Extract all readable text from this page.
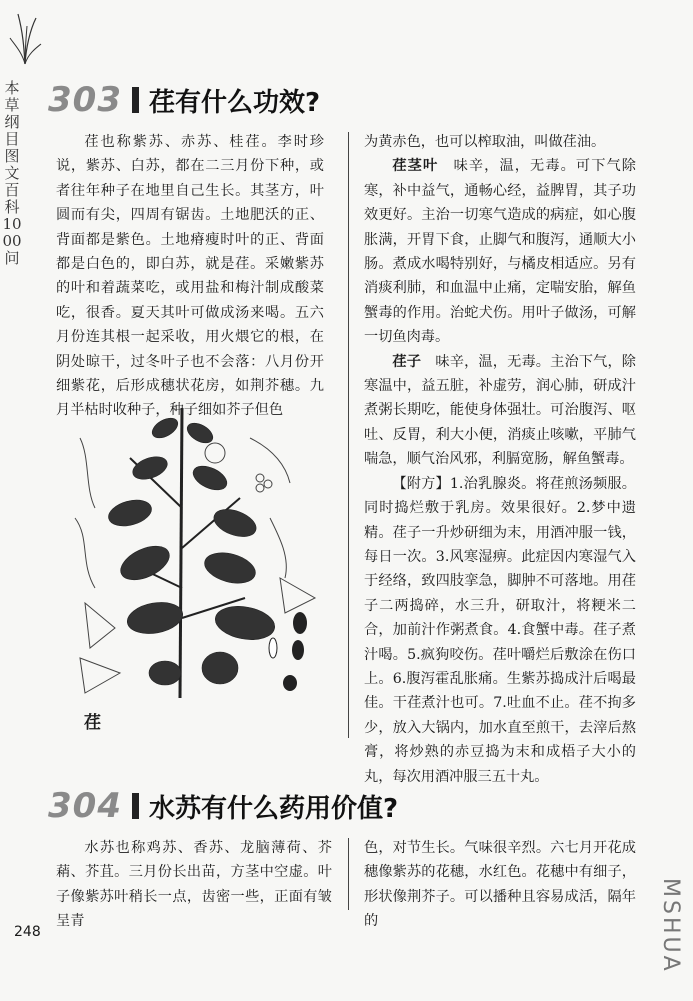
本草纲目图文百科1000问
303 荏有什么功效?

荏也称紫苏、赤苏、桂荏。李时珍说，紫苏、白苏，都在二三月份下种，或者往年种子在地里自己生长。其茎方，叶圆而有尖，四周有锯齿。土地肥沃的正、背面都是紫色。土地瘠瘦时叶的正、背面都是白色的，即白苏，就是荏。采嫩紫苏的叶和着蔬菜吃，或用盐和梅汁制成酸菜吃，很香。夏天其叶可做成汤来喝。五六月份连其根一起采收，用火煨它的根，在阴处晾干，过冬叶子也不会落：八月份开细紫花，后形成穗状花房，如荆芥穗。九月半枯时收种子，种子细如芥子但色

荏

为黄赤色，也可以榨取油，叫做荏油。

荏茎叶　 味辛，温，无毒。可下气除寒，补中益气，通畅心经，益脾胃，其子功效更好。主治一切寒气造成的病症，如心腹胀满，开胃下食，止脚气和腹泻，通顺大小肠。煮成水喝特别好，与橘皮相适应。另有消痰利肺，和血温中止痛，定喘安胎，解鱼蟹毒的作用。治蛇犬伤。用叶子做汤，可解一切鱼肉毒。

荏子　 味辛，温，无毒。主治下气，除寒温中，益五脏，补虚劳，润心肺，研成汁煮粥长期吃，能使身体强壮。可治腹泻、呕吐、反胃，利大小便，消痰止咳嗽，平肺气喘急，顺气治风邪，利膈宽肠，解鱼蟹毒。

【附方】1.治乳腺炎。将荏煎汤频服。同时捣烂敷于乳房。效果很好。2.梦中遗精。荏子一升炒研细为末，用酒冲服一钱，每日一次。3.风寒湿痹。此症因内寒湿气入于经络，致四肢挛急，脚肿不可落地。用荏子二两捣碎，水三升，研取汁，将粳米二合，加前汁作粥煮食。4.食蟹中毒。荏子煮汁喝。5.疯狗咬伤。荏叶嚼烂后敷涂在伤口上。6.腹泻霍乱胀痛。生紫苏捣成汁后喝最佳。干荏煮汁也可。7.吐血不止。荏不拘多少，放入大锅内，加水直至煎干，去滓后熬膏，将炒熟的赤豆捣为末和成梧子大小的丸，每次用酒冲服三五十丸。

304 水苏有什么药用价值?

水苏也称鸡苏、香苏、龙脑薄荷、芥蕱、芥苴。三月份长出苗，方茎中空虚。叶子像紫苏叶稍长一点，齿密一些，正面有皱呈青

色，对节生长。气味很辛烈。六七月开花成穗像紫苏的花穗，水红色。花穗中有细子，形状像荆芥子。可以播种且容易成活，隔年的

248	MSHUA
